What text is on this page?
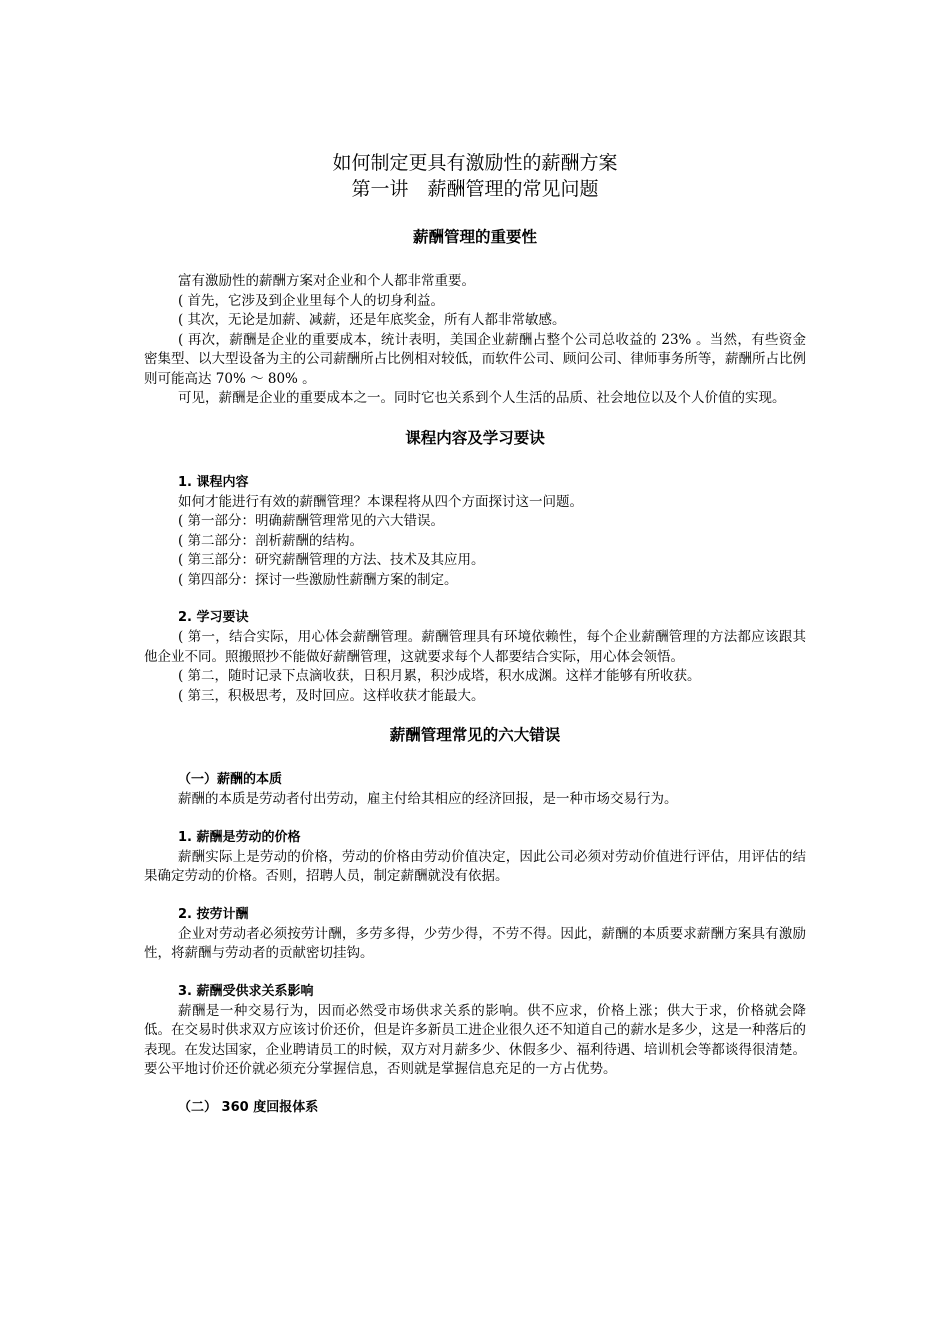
如何制定更具有激励性的薪酬方案
第一讲　薪酬管理的常见问题
薪酬管理的重要性

富有激励性的薪酬方案对企业和个人都非常重要。

( 首先，它涉及到企业里每个人的切身利益。

( 其次，无论是加薪、减薪，还是年底奖金，所有人都非常敏感。

( 再次，薪酬是企业的重要成本，统计表明，美国企业薪酬占整个公司总收益的 23% 。当然，有些资金密集型、以大型设备为主的公司薪酬所占比例相对较低，而软件公司、顾问公司、律师事务所等，薪酬所占比例则可能高达 70% ～ 80% 。

可见，薪酬是企业的重要成本之一。同时它也关系到个人生活的品质、社会地位以及个人价值的实现。

课程内容及学习要诀
1. 课程内容

如何才能进行有效的薪酬管理？本课程将从四个方面探讨这一问题。

( 第一部分：明确薪酬管理常见的六大错误。

( 第二部分：剖析薪酬的结构。

( 第三部分：研究薪酬管理的方法、技术及其应用。

( 第四部分：探讨一些激励性薪酬方案的制定。

2. 学习要诀

( 第一，结合实际，用心体会薪酬管理。薪酬管理具有环境依赖性，每个企业薪酬管理的方法都应该跟其他企业不同。照搬照抄不能做好薪酬管理，这就要求每个人都要结合实际，用心体会领悟。

( 第二，随时记录下点滴收获，日积月累，积沙成塔，积水成渊。这样才能够有所收获。

( 第三，积极思考，及时回应。这样收获才能最大。

薪酬管理常见的六大错误
（一）薪酬的本质

薪酬的本质是劳动者付出劳动，雇主付给其相应的经济回报，是一种市场交易行为。

1. 薪酬是劳动的价格

薪酬实际上是劳动的价格，劳动的价格由劳动价值决定，因此公司必须对劳动价值进行评估，用评估的结果确定劳动的价格。否则，招聘人员，制定薪酬就没有依据。

2. 按劳计酬

企业对劳动者必须按劳计酬，多劳多得，少劳少得，不劳不得。因此，薪酬的本质要求薪酬方案具有激励性，将薪酬与劳动者的贡献密切挂钩。

3. 薪酬受供求关系影响

薪酬是一种交易行为，因而必然受市场供求关系的影响。供不应求，价格上涨；供大于求，价格就会降低。在交易时供求双方应该讨价还价，但是许多新员工进企业很久还不知道自己的薪水是多少，这是一种落后的表现。在发达国家，企业聘请员工的时候，双方对月薪多少、休假多少、福利待遇、培训机会等都谈得很清楚。要公平地讨价还价就必须充分掌握信息，否则就是掌握信息充足的一方占优势。

（二） 360 度回报体系
